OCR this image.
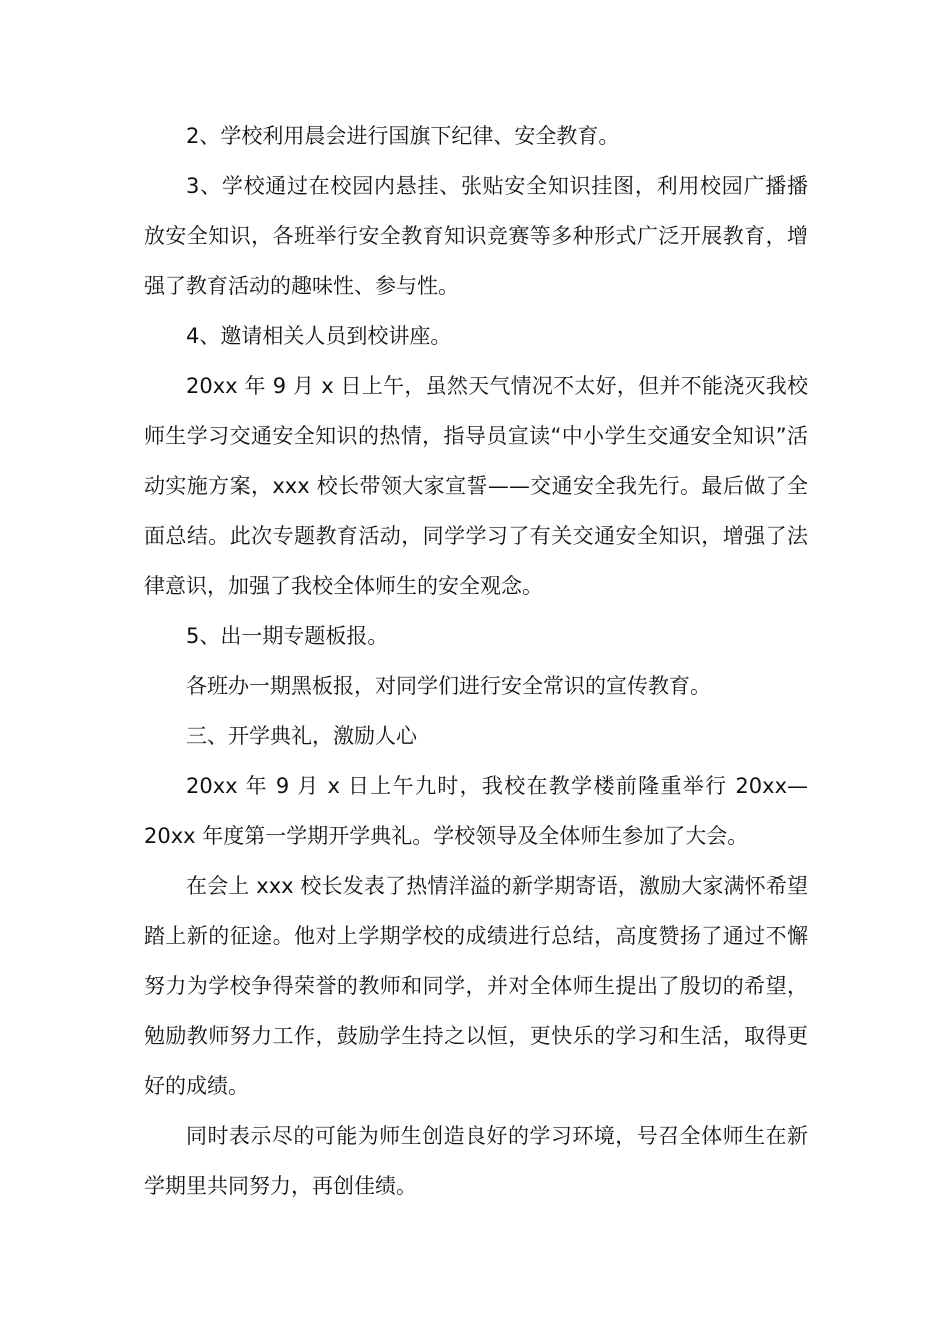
2、学校利用晨会进行国旗下纪律、安全教育。

3、学校通过在校园内悬挂、张贴安全知识挂图，利用校园广播播放安全知识，各班举行安全教育知识竞赛等多种形式广泛开展教育，增强了教育活动的趣味性、参与性。

4、邀请相关人员到校讲座。

20xx 年 9 月 x 日上午，虽然天气情况不太好，但并不能浇灭我校师生学习交通安全知识的热情，指导员宣读“中小学生交通安全知识”活动实施方案，xxx 校长带领大家宣誓——交通安全我先行。最后做了全面总结。此次专题教育活动，同学学习了有关交通安全知识，增强了法律意识，加强了我校全体师生的安全观念。

5、出一期专题板报。

各班办一期黑板报，对同学们进行安全常识的宣传教育。

三、开学典礼，激励人心

20xx 年 9 月 x 日上午九时，我校在教学楼前隆重举行 20xx—20xx 年度第一学期开学典礼。学校领导及全体师生参加了大会。

在会上 xxx 校长发表了热情洋溢的新学期寄语，激励大家满怀希望踏上新的征途。他对上学期学校的成绩进行总结，高度赞扬了通过不懈努力为学校争得荣誉的教师和同学，并对全体师生提出了殷切的希望，勉励教师努力工作，鼓励学生持之以恒，更快乐的学习和生活，取得更好的成绩。

同时表示尽的可能为师生创造良好的学习环境，号召全体师生在新学期里共同努力，再创佳绩。
